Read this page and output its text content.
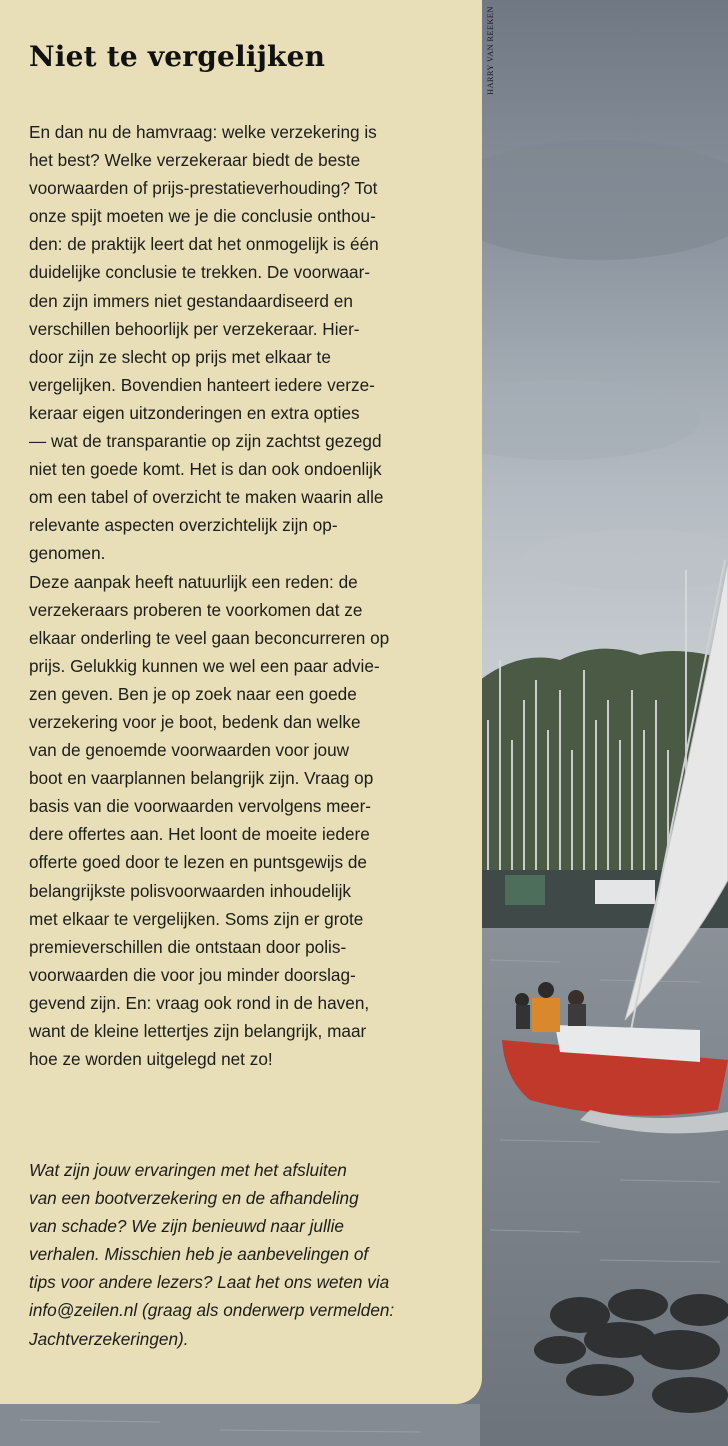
Niet te vergelijken

En dan nu de hamvraag: welke verzekering is
het best? Welke verzekeraar biedt de beste
voorwaarden of prijs-prestatieverhouding? Tot
onze spijt moeten we je die conclusie onthou-
den: de praktijk leert dat het onmogelijk is één
duidelijke conclusie te trekken. De voorwaar-
den zijn immers niet gestandaardiseerd en
verschillen behoorlijk per verzekeraar. Hier-
door zijn ze slecht op prijs met elkaar te
vergelijken. Bovendien hanteert iedere verze-
keraar eigen uitzonderingen en extra opties
— wat de transparantie op zijn zachtst gezegd
niet ten goede komt. Het is dan ook ondoenlijk
om een tabel of overzicht te maken waarin alle
relevante aspecten overzichtelijk zijn op-
genomen.
Deze aanpak heeft natuurlijk een reden: de
verzekeraars proberen te voorkomen dat ze
elkaar onderling te veel gaan beconcurreren op
prijs. Gelukkig kunnen we wel een paar advie-
zen geven. Ben je op zoek naar een goede
verzekering voor je boot, bedenk dan welke
van de genoemde voorwaarden voor jouw
boot en vaarplannen belangrijk zijn. Vraag op
basis van die voorwaarden vervolgens meer-
dere offertes aan. Het loont de moeite iedere
offerte goed door te lezen en puntsgewijs de
belangrijkste polisvoorwaarden inhoudelijk
met elkaar te vergelijken. Soms zijn er grote
premieverschillen die ontstaan door polis-
voorwaarden die voor jou minder doorslag-
gevend zijn. En: vraag ook rond in de haven,
want de kleine lettertjes zijn belangrijk, maar
hoe ze worden uitgelegd net zo!

Wat zijn jouw ervaringen met het afsluiten
van een bootverzekering en de afhandeling
van schade? We zijn benieuwd naar jullie
verhalen. Misschien heb je aanbevelingen of
tips voor andere lezers? Laat het ons weten via
info@zeilen.nl (graag als onderwerp vermelden:
Jachtverzekeringen).

HARRY VAN REEKEN
